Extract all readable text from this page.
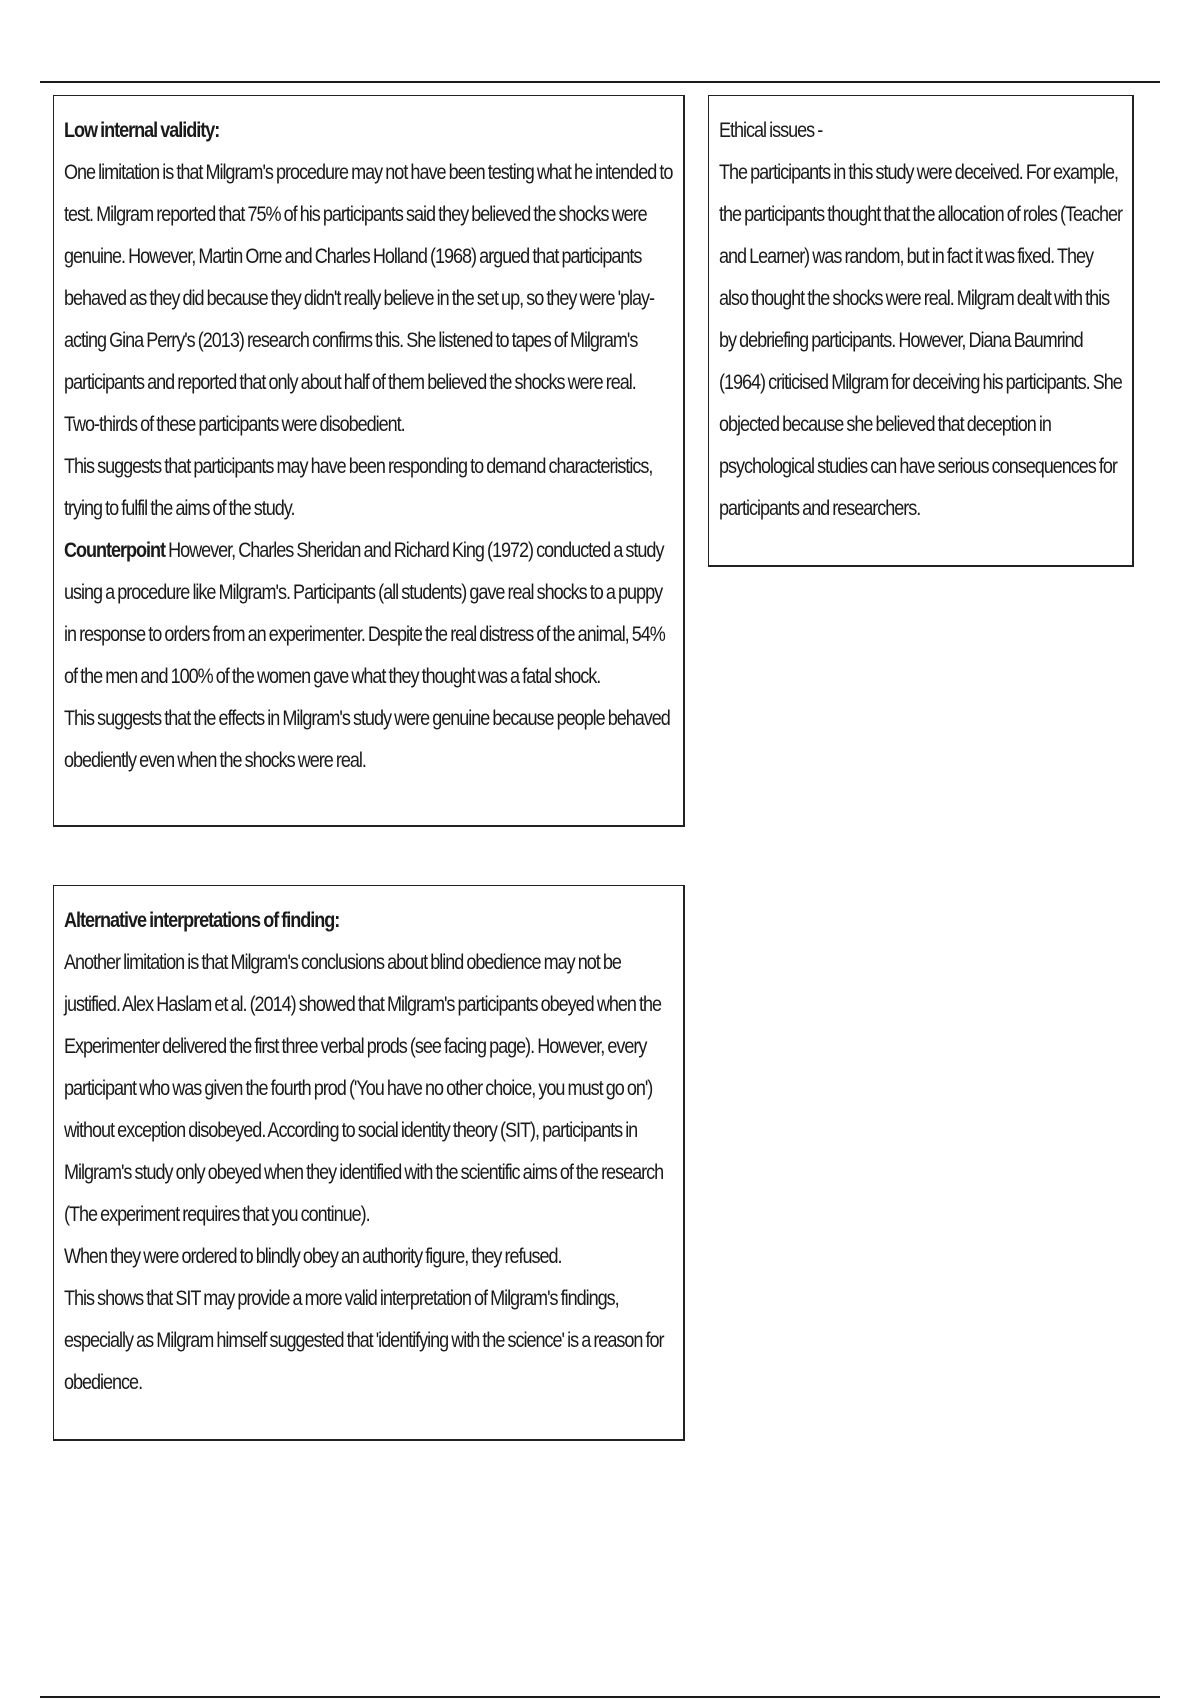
Low internal validity:

One limitation is that Milgram's procedure may not have been testing what he intended to test. Milgram reported that 75% of his participants said they believed the shocks were genuine. However, Martin Orne and Charles Holland (1968) argued that participants behaved as they did because they didn't really believe in the set up, so they were 'play-acting Gina Perry's (2013) research confirms this. She listened to tapes of Milgram's participants and reported that only about half of them believed the shocks were real. Two-thirds of these participants were disobedient.

This suggests that participants may have been responding to demand characteristics, trying to fulfil the aims of the study.

Counterpoint However, Charles Sheridan and Richard King (1972) conducted a study using a procedure like Milgram's. Participants (all students) gave real shocks to a puppy in response to orders from an experimenter. Despite the real distress of the animal, 54% of the men and 100% of the women gave what they thought was a fatal shock.

This suggests that the effects in Milgram's study were genuine because people behaved obediently even when the shocks were real.

Ethical issues -

The participants in this study were deceived. For example, the participants thought that the allocation of roles (Teacher and Learner) was random, but in fact it was fixed. They also thought the shocks were real. Milgram dealt with this by debriefing participants. However, Diana Baumrind (1964) criticised Milgram for deceiving his participants. She objected because she believed that deception in psychological studies can have serious consequences for participants and researchers.

Alternative interpretations of finding:

Another limitation is that Milgram's conclusions about blind obedience may not be justified. Alex Haslam et al. (2014) showed that Milgram's participants obeyed when the Experimenter delivered the first three verbal prods (see facing page). However, every participant who was given the fourth prod ('You have no other choice, you must go on') without exception disobeyed. According to social identity theory (SIT), participants in Milgram's study only obeyed when they identified with the scientific aims of the research (The experiment requires that you continue).

When they were ordered to blindly obey an authority figure, they refused.

This shows that SIT may provide a more valid interpretation of Milgram's findings, especially as Milgram himself suggested that 'identifying with the science' is a reason for obedience.
